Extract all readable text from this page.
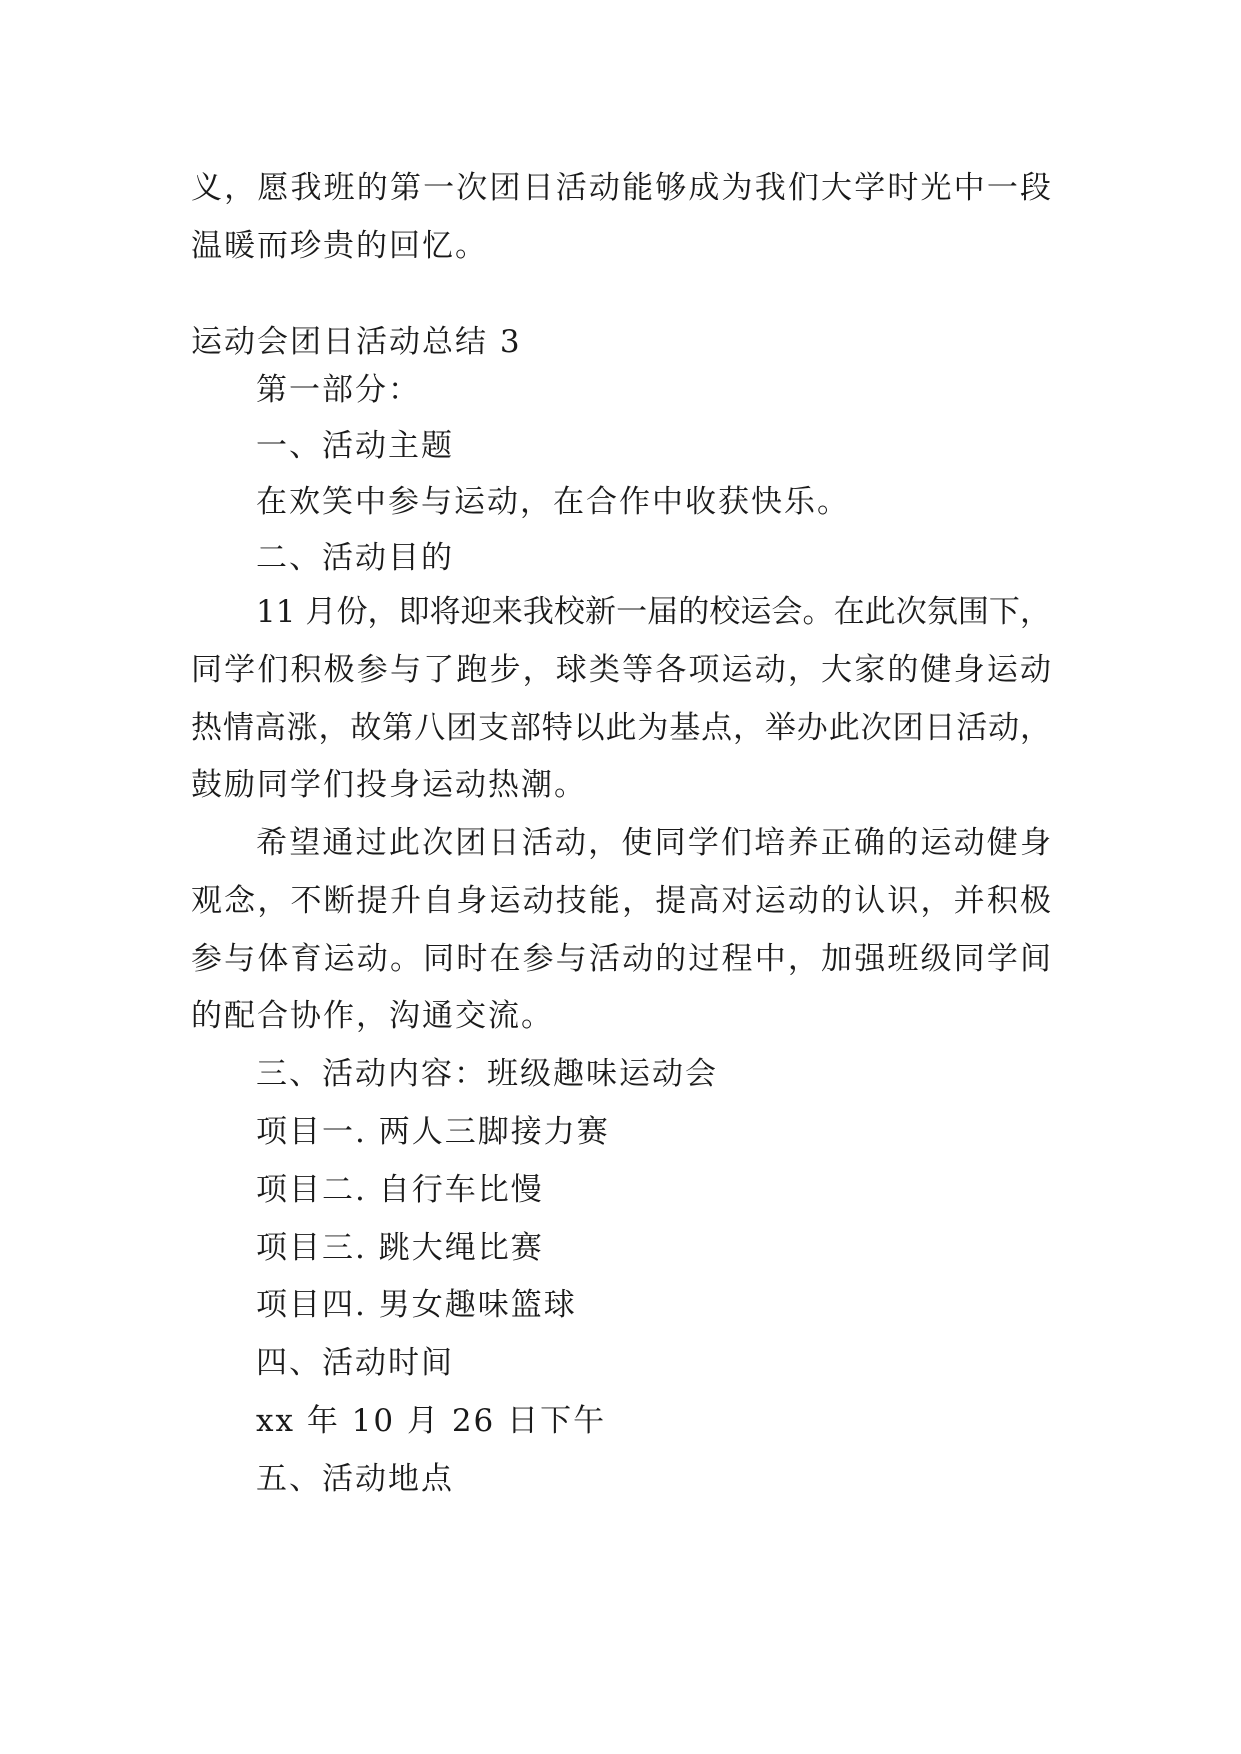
义，愿我班的第一次团日活动能够成为我们大学时光中一段
温暖而珍贵的回忆。
运动会团日活动总结 3
第一部分：
一、活动主题
在欢笑中参与运动，在合作中收获快乐。
二、活动目的
11 月份，即将迎来我校新一届的校运会。在此次氛围下，
同学们积极参与了跑步，球类等各项运动，大家的健身运动
热情高涨，故第八团支部特以此为基点，举办此次团日活动，
鼓励同学们投身运动热潮。
希望通过此次团日活动，使同学们培养正确的运动健身
观念，不断提升自身运动技能，提高对运动的认识，并积极
参与体育运动。同时在参与活动的过程中，加强班级同学间
的配合协作，沟通交流。
三、活动内容：班级趣味运动会
项目一. 两人三脚接力赛
项目二. 自行车比慢
项目三. 跳大绳比赛
项目四. 男女趣味篮球
四、活动时间
xx 年 10 月 26 日下午
五、活动地点
